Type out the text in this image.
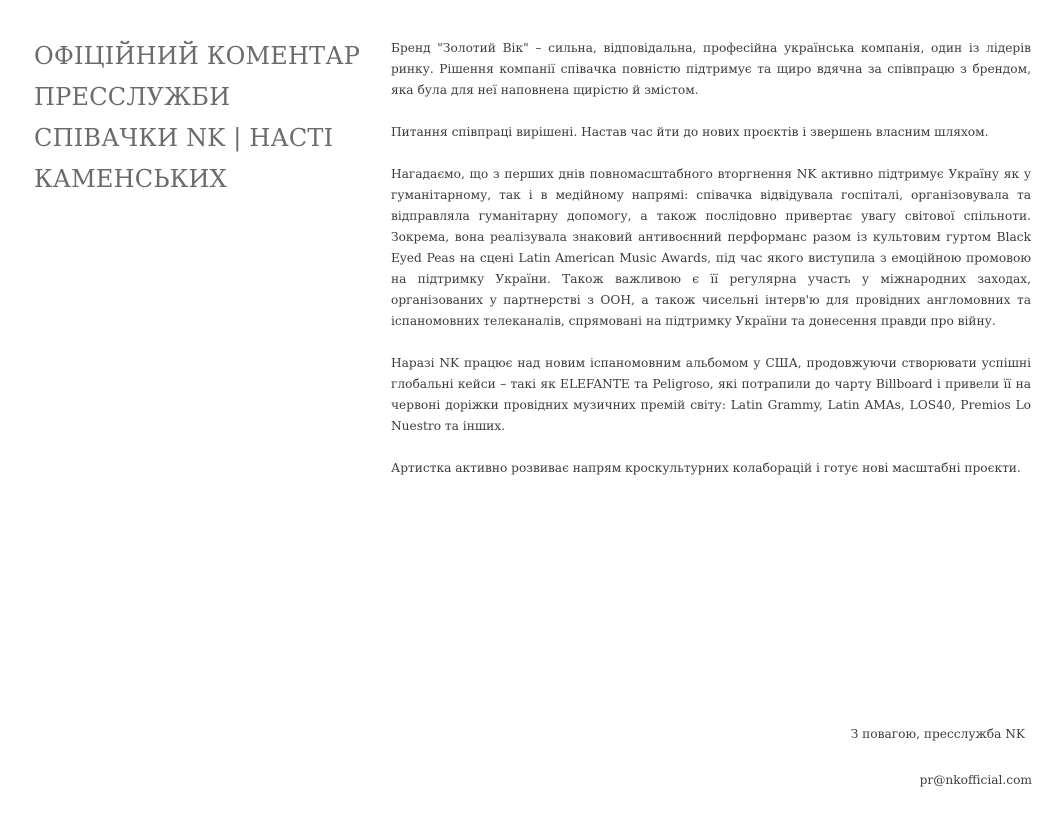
ОФІЦІЙНИЙ КОМЕНТАР ПРЕССЛУЖБИ СПІВАЧКИ NK | НАСТІ КАМЕНСЬКИХ

Бренд "Золотий Вік" – сильна, відповідальна, професійна українська компанія, один із лідерів ринку. Рішення компанії співачка повністю підтримує та щиро вдячна за співпрацю з брендом, яка була для неї наповнена щирістю й змістом.

Питання співпраці вирішені. Настав час йти до нових проєктів і звершень власним шляхом.

Нагадаємо, що з перших днів повномасштабного вторгнення NK активно підтримує Україну як у гуманітарному, так і в медійному напрямі: співачка відвідувала госпіталі, організовувала та відправляла гуманітарну допомогу, а також послідовно привертає увагу світової спільноти. Зокрема, вона реалізувала знаковий антивоєнний перформанс разом із культовим гуртом Black Eyed Peas на сцені Latin American Music Awards, під час якого виступила з емоційною промовою на підтримку України. Також важливою є її регулярна участь у міжнародних заходах, організованих у партнерстві з ООН, а також чисельні інтерв'ю для провідних англомовних та іспаномовних телеканалів, спрямовані на підтримку України та донесення правди про війну.

Наразі NK працює над новим іспаномовним альбомом у США, продовжуючи створювати успішні глобальні кейси – такі як ELEFANTE та Peligroso, які потрапили до чарту Billboard і привели її на червоні доріжки провідних музичних премій світу: Latin Grammy, Latin AMAs, LOS40, Premios Lo Nuestro та інших.

Артистка активно розвиває напрям кроскультурних колаборацій і готує нові масштабні проєкти.

З повагою, пресслужба NK
pr@nkofficial.com
